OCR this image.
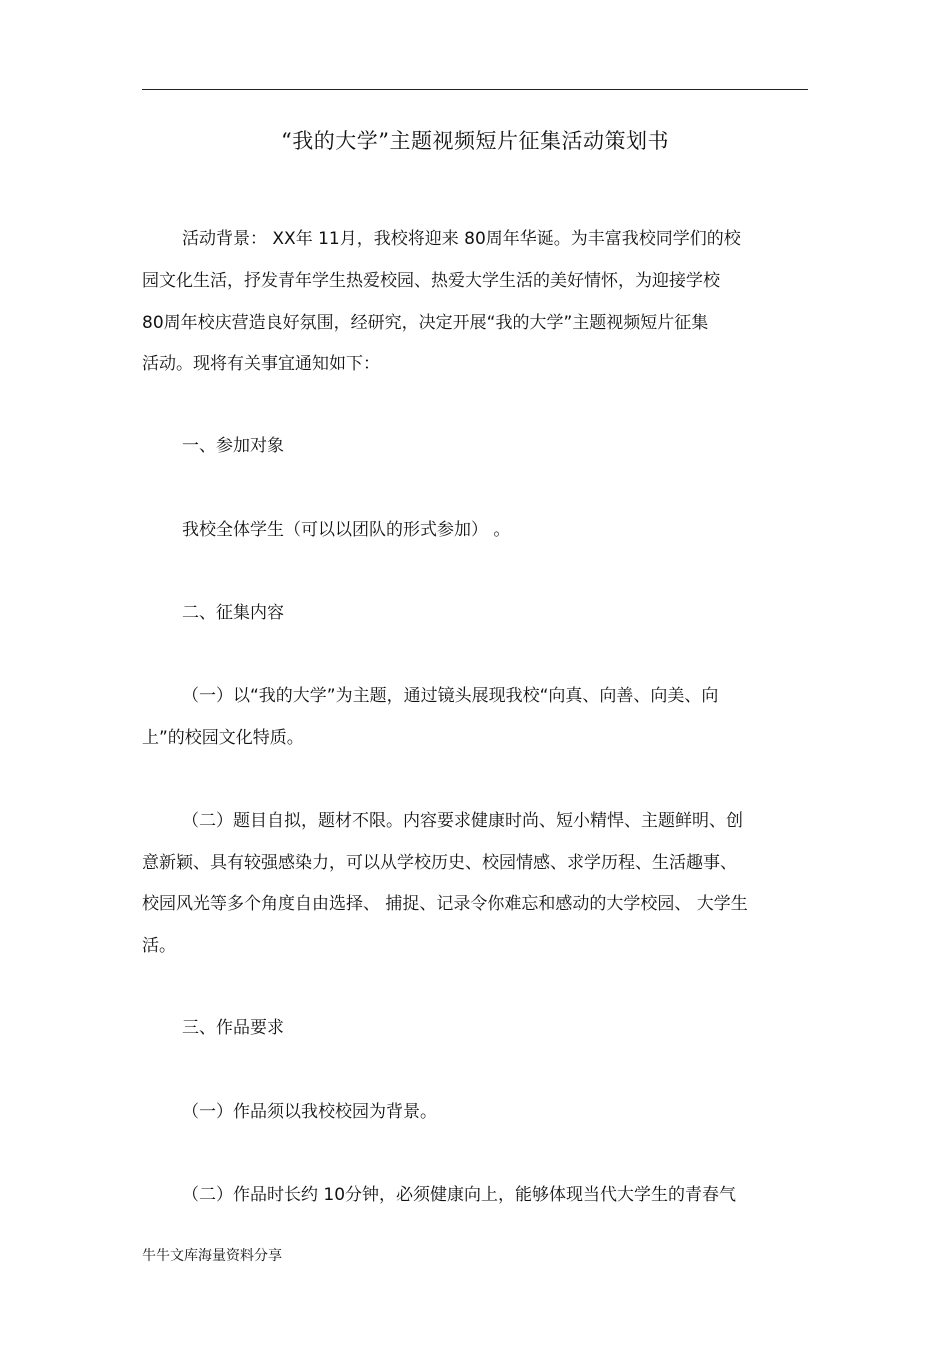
“我的大学”主题视频短片征集活动策划书
活动背景： XX年 11月，我校将迎来 80周年华诞。为丰富我校同学们的校
园文化生活，抒发青年学生热爱校园、热爱大学生活的美好情怀，为迎接学校
80周年校庆营造良好氛围，经研究，决定开展“我的大学”主题视频短片征集
活动。现将有关事宜通知如下：
一、参加对象
我校全体学生（可以以团队的形式参加） 。
二、征集内容
（一）以“我的大学”为主题，通过镜头展现我校“向真、向善、向美、向
上”的校园文化特质。
（二）题目自拟，题材不限。内容要求健康时尚、短小精悍、主题鲜明、创
意新颖、具有较强感染力，可以从学校历史、校园情感、求学历程、生活趣事、
校园风光等多个角度自由选择、 捕捉、记录令你难忘和感动的大学校园、 大学生
活。
三、作品要求
（一）作品须以我校校园为背景。
（二）作品时长约 10分钟，必须健康向上，能够体现当代大学生的青春气
牛牛文库海量资料分享
